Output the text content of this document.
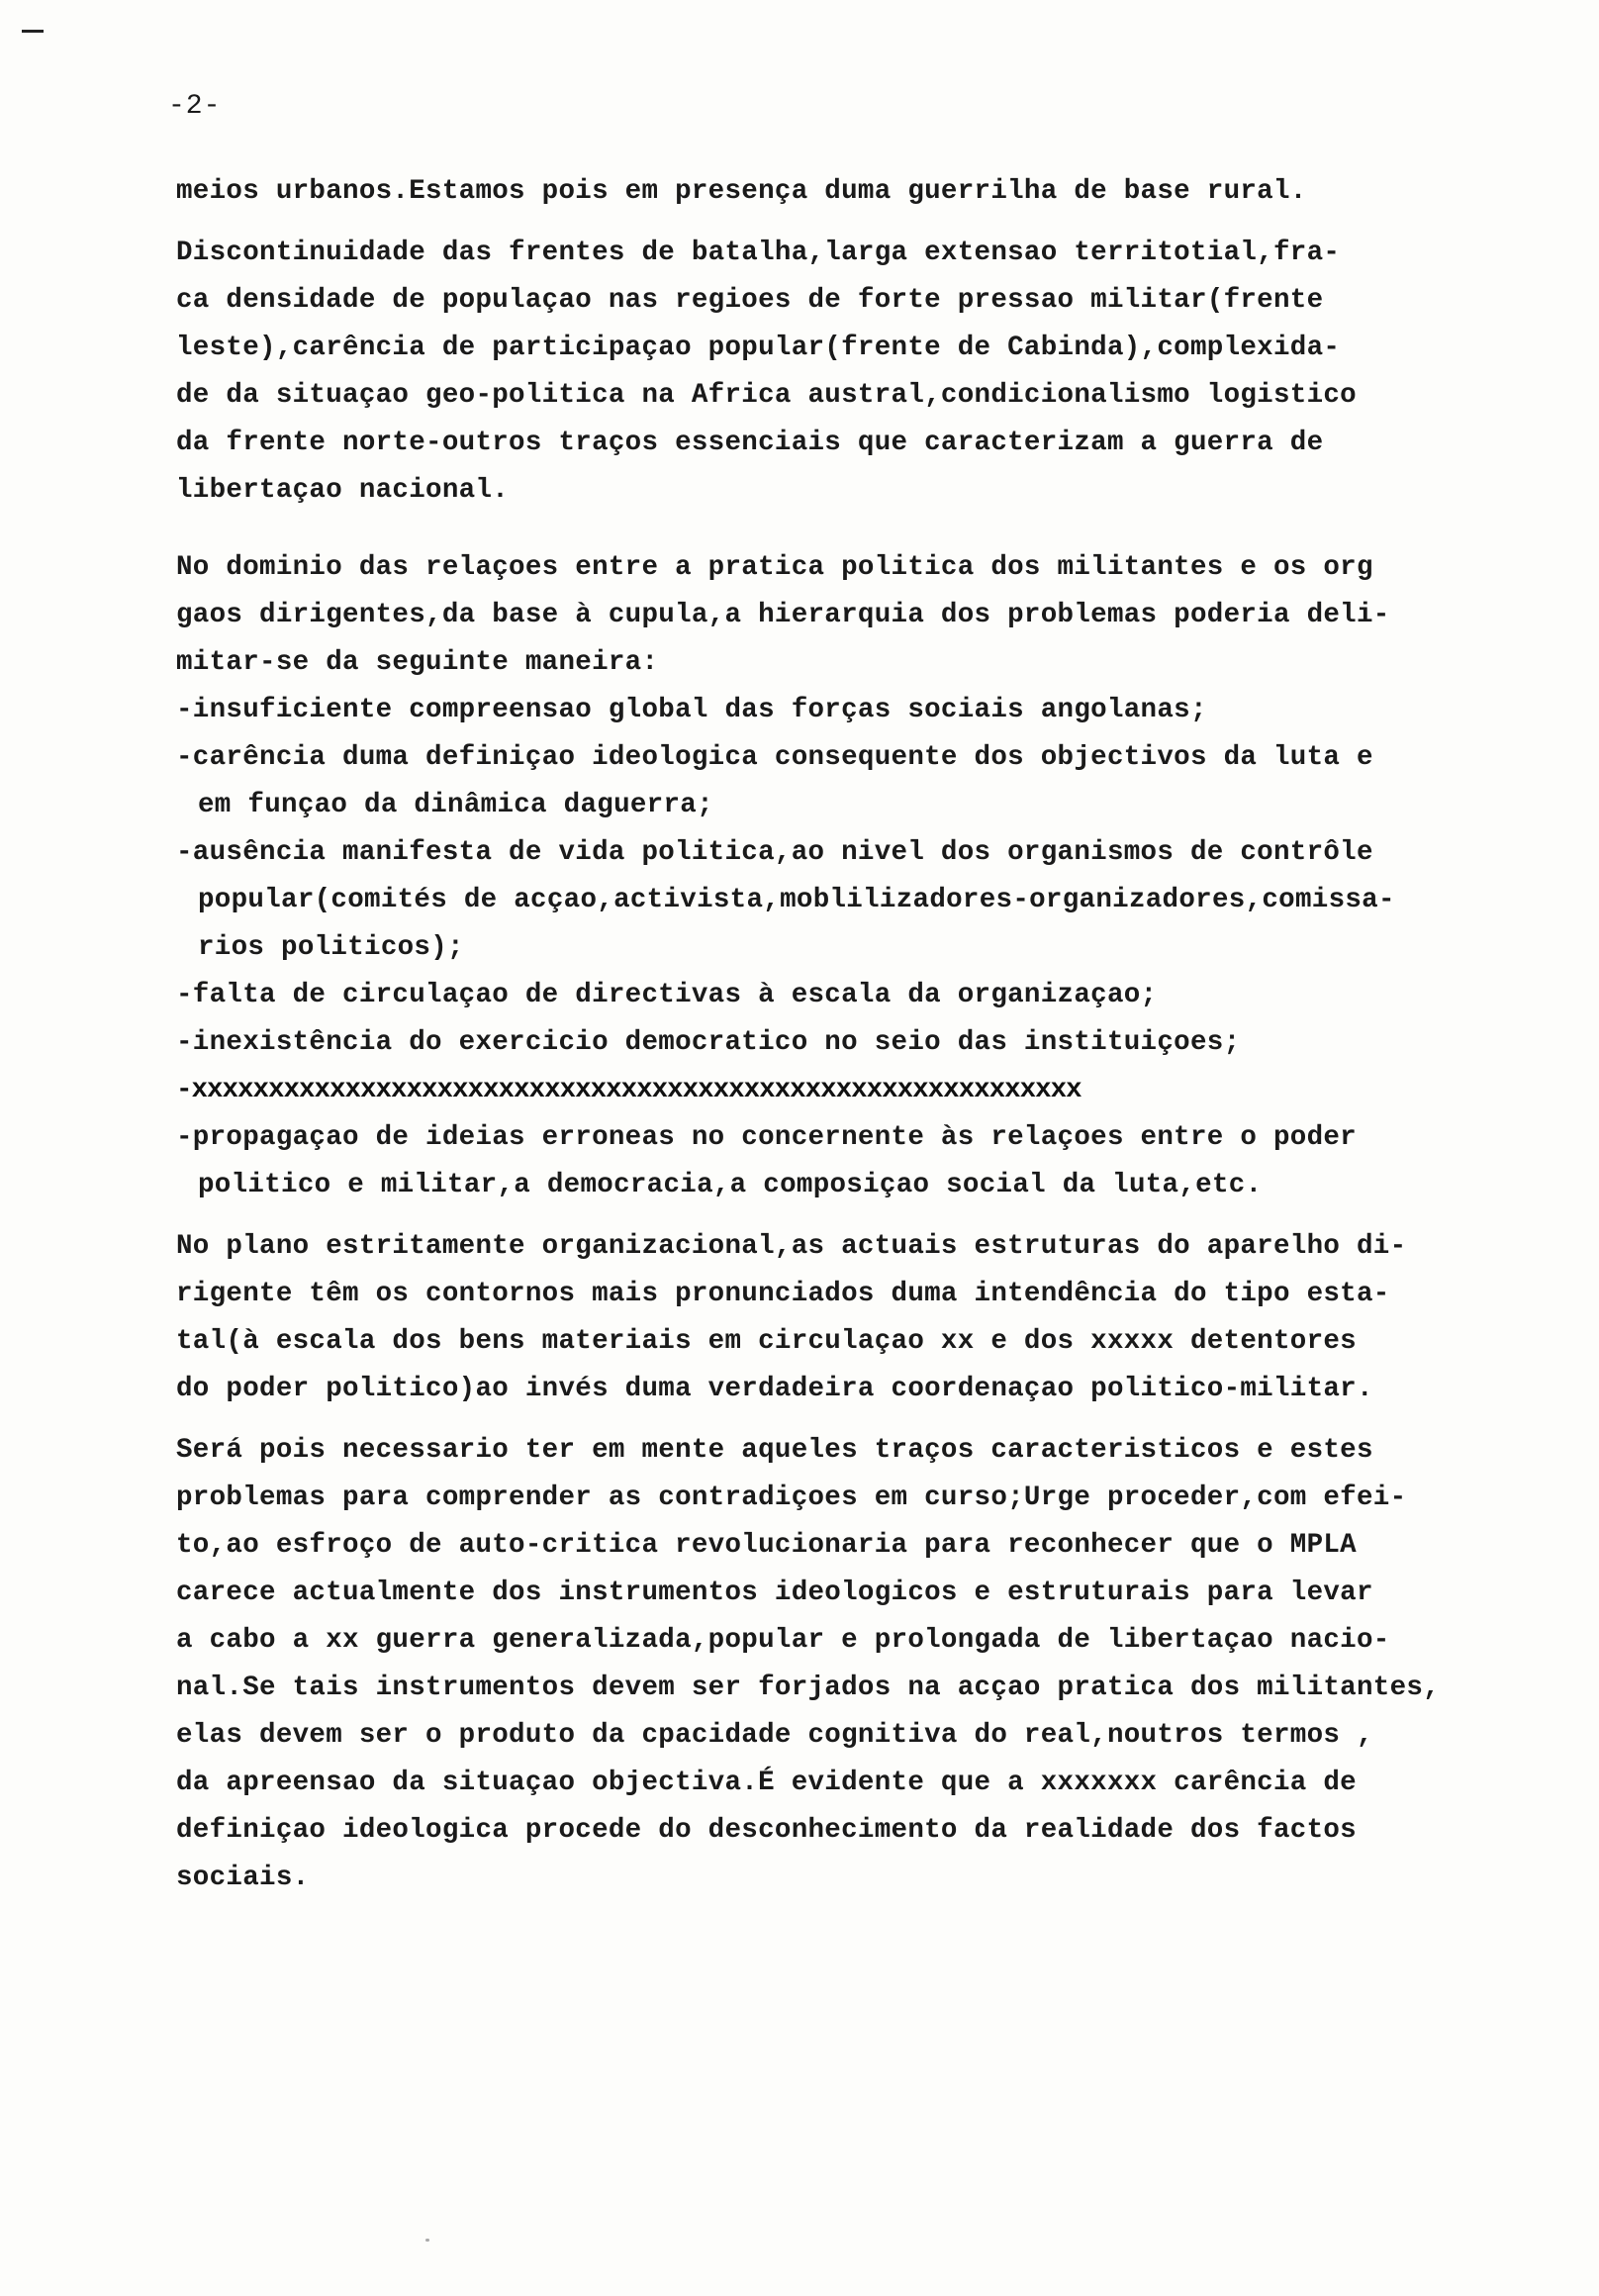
-2-
meios urbanos.Estamos pois em presença duma guerrilha de base rural.
Discontinuidade das frentes de batalha,larga extensao territotial,fra-
ca densidade de populaçao nas regioes de forte pressao militar(frente
leste),carência de participaçao popular(frente de Cabinda),complexida-
de da situaçao geo-politica na Africa austral,condicionalismo logistico
da frente norte-outros traços essenciais que caracterizam a guerra de
libertaçao nacional.
No dominio das relaçoes entre a pratica politica dos militantes e os org
gaos dirigentes,da base à cupula,a hierarquia dos problemas poderia deli-
mitar-se da seguinte maneira:
-insuficiente compreensao global das forças sociais angolanas;
-carência duma definiçao ideologica consequente dos objectivos da luta e
em funçao da dinâmica daguerra;
-ausência manifesta de vida politica,ao nivel dos organismos de contrôle
popular(comités de acçao,activista,moblilizadores-organizadores,comissa-
rios politicos);
-falta de circulaçao de directivas à escala da organizaçao;
-inexistência do exercicio democratico no seio das instituiçoes;
-xxxxxxxxxxxxxxxxxxxxxxxxxxxxxxxxxxxxxxxxxxxxxxxxxxxxxxxxxx
-propagaçao de ideias erroneas no concernente às relaçoes entre o poder
politico e militar,a democracia,a composiçao social da luta,etc.
No plano estritamente organizacional,as actuais estruturas do aparelho di-
rigente têm os contornos mais pronunciados duma intendência do tipo esta-
tal(à escala dos bens materiais em circulaçao xx e dos xxxxx detentores
do poder politico)ao invés duma verdadeira coordenaçao politico-militar.
Será pois necessario ter em mente aqueles traços caracteristicos e estes
problemas para comprender as contradiçoes em curso;Urge proceder,com efei-
to,ao esfroço de auto-critica revolucionaria para reconhecer que o MPLA
carece actualmente dos instrumentos ideologicos e estruturais para levar
a cabo a xx guerra generalizada,popular e prolongada de libertaçao nacio-
nal.Se tais instrumentos devem ser forjados na acçao pratica dos militantes,
elas devem ser o produto da cpacidade cognitiva do real,noutros termos ,
da apreensao da situaçao objectiva.É evidente que a xxxxxxx carência de
definiçao ideologica procede do desconhecimento da realidade dos factos
sociais.
